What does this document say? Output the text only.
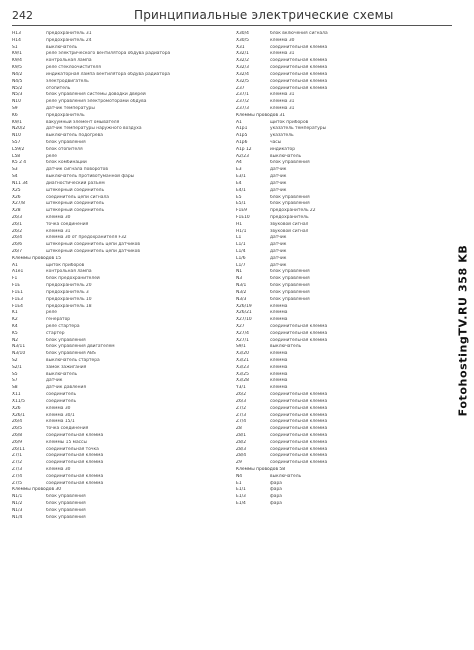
242	Принципиальные электрические схемы
H13	предохранитель 31
H14	предохранитель 24
S1	выключатель
K9/1	реле электрического вентилятора обдува радиатора
K9/4	контрольная лампа
K9/5	реле стеклоочистителя
N4/2	индикаторная лампа вентилятора обдува радиатора
N4/5	электродвигатель
N5/2	отопитель
N5/3	блок управления системы доводки дверей
N10	реле управления электромоторами обдува
S9	датчик температуры
K6	предохранитель
K9/1	вакуумный элемент омывателя
N20/2	датчик температуры наружного воздуха
N10	выключатель подогрева
S57	блок управления
L59/2	блок отопителя
L58	реле
K5 2 4	блок комбинации
S3	датчик сигнала поворотов
S4	выключатель противотуманной фары
N11 34	диагностический разъем
X25	штекерный соединитель
X26	соединитель цепи сигнала
X27/8	штекерный соединитель
X28	штекерный соединитель
Z6/3	клемма 30
Z6/1	точка соединения
Z6/2	клемма 31
Z6/4	клемма 30 от предохранителя F32
Z6/6	штекерный соединитель цепи датчиков
Z6/7	штекерный соединитель цепи датчиков
Клеммы проводов 15
A1	щиток приборов
A1e1	контрольная лампа
F1	блок предохранителей
F1E	предохранитель 20
F1E1	предохранитель 3
F1E3	предохранитель 10
F1E4	предохранитель 18
K1	реле
K2	генератор
K4	реле стартера
K5	стартер
N2	блок управления
N3/11	блок управления двигателем
N3/10	блок управления ABS
S2	выключатель стартера
S2/1	замок зажигания
S5	выключатель
S7	датчик
S8	датчик давления
X11	соединитель
X11/5	соединитель
X26	клемма 30
X26/1	клемма 30/1
Z6/4	клемма 15/1
Z6/5	точка соединения
Z6/8	соединительная клемма
Z6/9	клеммы 15 массы
Z6/11	соединительная точка
Z7/1	соединительная клемма
Z7/2	соединительная клемма
Z7/3	клемма 30
Z7/4	соединительная клемма
Z7/5	соединительная клемма
Клеммы проводов 30
N1/1	блок управления
N1/2	блок управления
N1/3	блок управления
N1/4	блок управления
X30/4	блок включения сигнала
X30/5	клемма 30
X31	соединительная клемма
X32/1	клемма 31
X32/2	соединительная клемма
X32/3	соединительная клемма
X32/4	соединительная клемма
X32/5	соединительная клемма
Z37	соединительная клемма
Z37/1	клемма 31
Z37/2	клемма 31
Z37/3	клемма 31
Клеммы проводов 31
A1	щиток приборов
A1p1	указатель температуры
A1p5	указатель
A1p6	часы
A1p 12	индикатор
A2/23	выключатель
A4	блок управления
E3	датчик
E3/1	датчик
E4	датчик
E4/1	датчик
E5	блок управления
E5/1	блок управления
F1E9	предохранитель 22
F1E10	предохранитель
H1	звуковой сигнал
H1/1	звуковой сигнал
L1	датчик
L1/1	датчик
L1/4	датчик
L1/6	датчик
L1/7	датчик
N1	блок управления
N3	блок управления
N3/1	блок управления
N3/2	блок управления
N3/3	блок управления
X26/19	клемма
X26/21	клемма
X27/10	клемма
X27	соединительная клемма
X27/4	соединительная клемма
X27/1	соединительная клемма
S9/1	выключатель
X3/20	клемма
X3/21	клемма
X3/23	клемма
X3/25	клемма
X3/28	клемма
Y3/1	клемма
Z6/2	соединительная клемма
Z6/3	соединительная клемма
Z7/2	соединительная клемма
Z7/3	соединительная клемма
Z7/4	соединительная клемма
Z8	соединительная клемма
Z8/1	соединительная клемма
Z8/2	соединительная клемма
Z8/3	соединительная клемма
Z8/4	соединительная клемма
Z9	соединительная клемма
Клеммы проводов 58
N4	выключатель
E1	фара
E1/1	фара
E1/3	фара
E1/4	фара
FotohostingTV.RU 358 KB
